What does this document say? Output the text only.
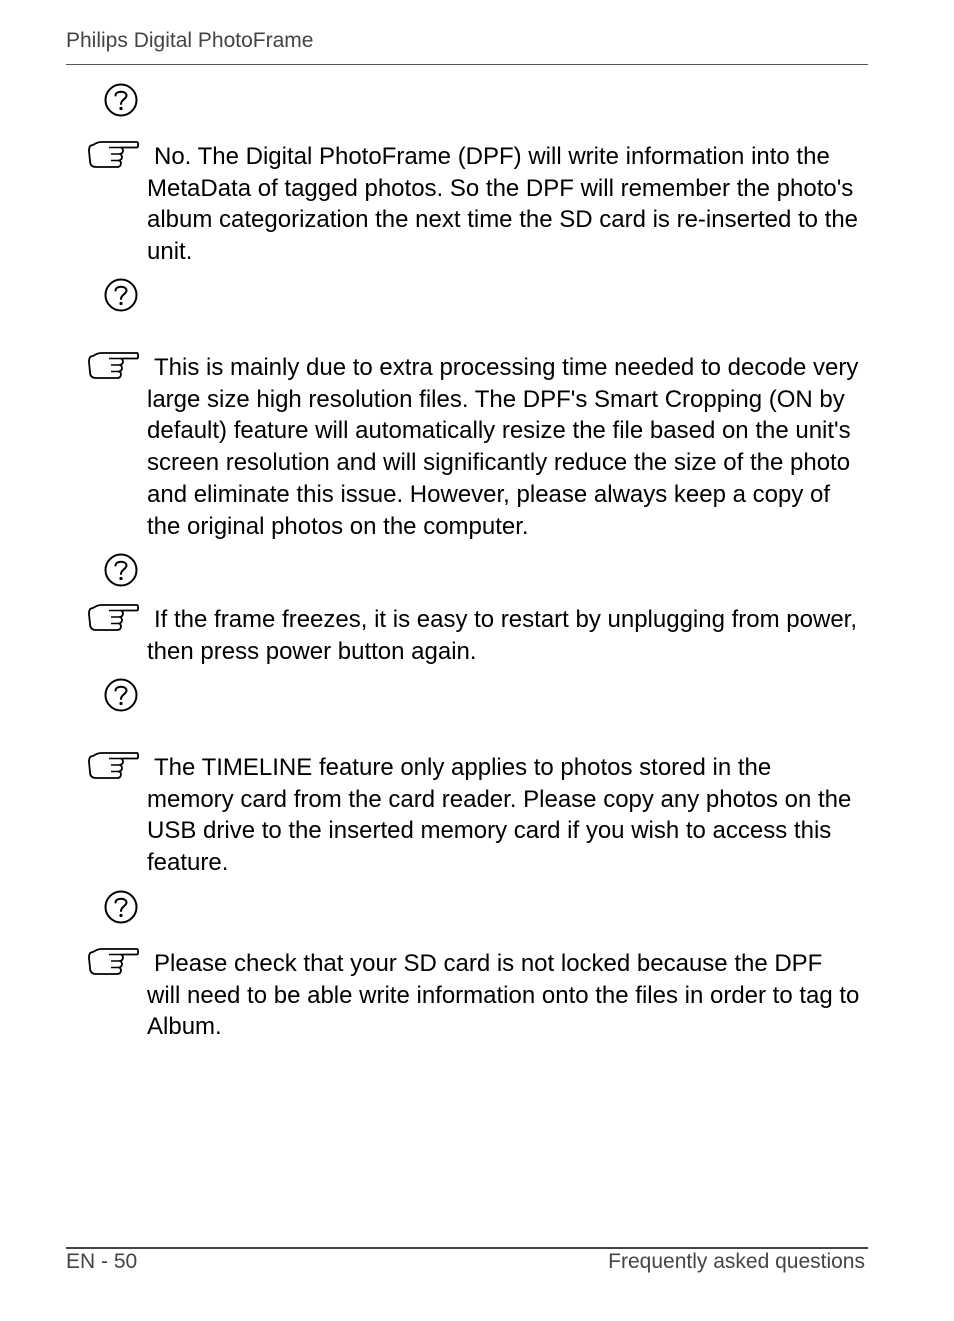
Philips Digital PhotoFrame

No. The Digital PhotoFrame (DPF) will write information into the MetaData of tagged photos. So the DPF will remember the photo's album categorization the next time the SD card is re-inserted to the unit.

This is mainly due to extra processing time needed to decode very large size high resolution files. The DPF's Smart Cropping (ON by default) feature will automatically resize the file based on the unit's screen resolution and will significantly reduce the size of the photo and eliminate this issue. However, please always keep a copy of the original photos on the computer.

If the frame freezes, it is easy to restart by unplugging from power, then press power button again.

The TIMELINE feature only applies to photos stored in the memory card from the card reader. Please copy any photos on the USB drive to the inserted memory card if you wish to access this feature.

Please check that your SD card is not locked because the DPF will need to be able write information onto the files in order to tag to Album.

EN - 50	Frequently asked questions
